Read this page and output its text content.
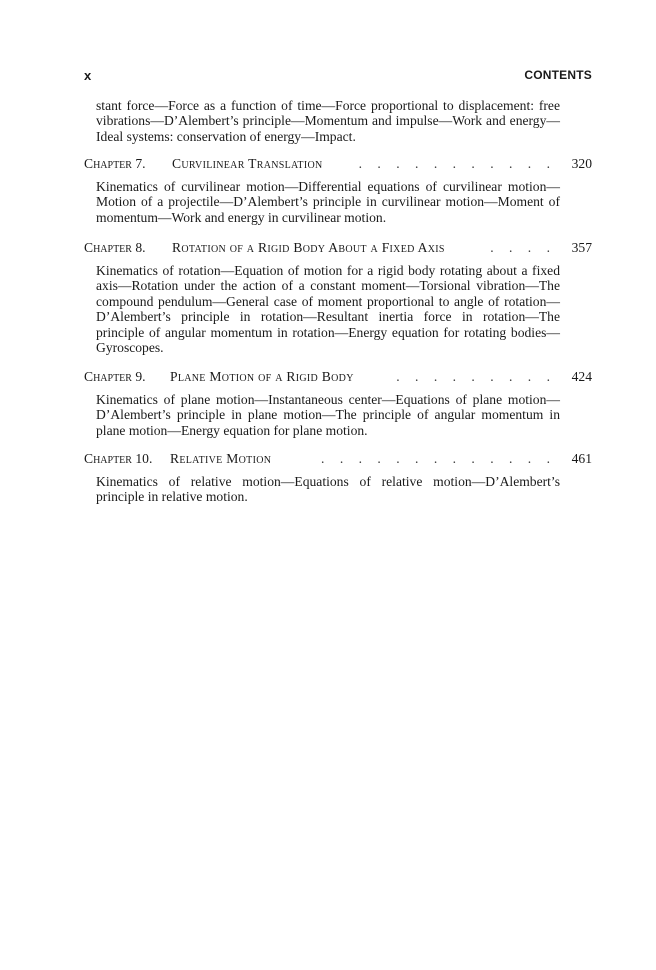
x	CONTENTS

stant force—Force as a function of time—Force proportional to displacement: free vibrations—D’Alembert’s principle—Momentum and impulse—Work and energy—Ideal systems: conservation of energy—Impact.

Chapter 7. Curvilinear Translation	. . . . . . . . . . . 320

Kinematics of curvilinear motion—Differential equations of curvilinear motion—Motion of a projectile—D’Alembert’s principle in curvilinear motion—Moment of momentum—Work and energy in curvilinear motion.

Chapter 8. Rotation of a Rigid Body About a Fixed Axis	. . . . 357

Kinematics of rotation—Equation of motion for a rigid body rotating about a fixed axis—Rotation under the action of a constant moment—Torsional vibration—The compound pendulum—General case of moment proportional to angle of rotation—D’Alembert’s principle in rotation—Resultant inertia force in rotation—The principle of angular momentum in rotation—Energy equation for rotating bodies—Gyroscopes.

Chapter 9. Plane Motion of a Rigid Body	. . . . . . . . . 424

Kinematics of plane motion—Instantaneous center—Equations of plane motion—D’Alembert’s principle in plane motion—The principle of angular momentum in plane motion—Energy equation for plane motion.

Chapter 10. Relative Motion	. . . . . . . . . . . . . 461

Kinematics of relative motion—Equations of relative motion—D’Alembert’s principle in relative motion.
